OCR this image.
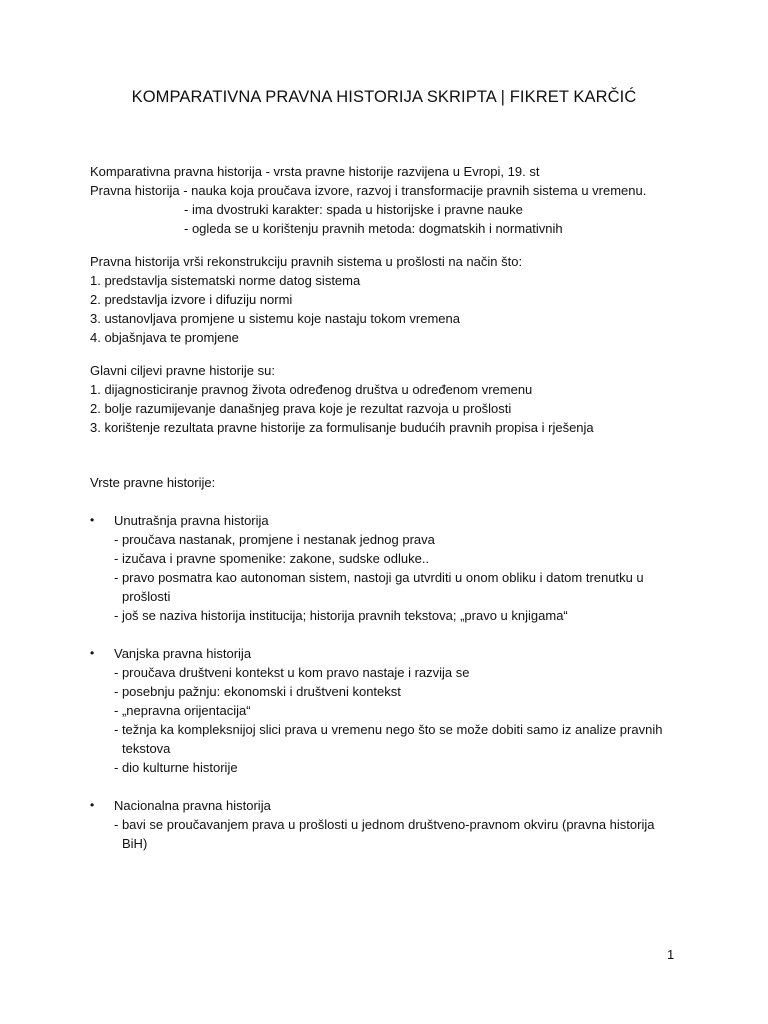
KOMPARATIVNA PRAVNA HISTORIJA SKRIPTA | FIKRET KARČIĆ

Komparativna pravna historija - vrsta pravne historije razvijena u Evropi, 19. st

Pravna historija - nauka koja proučava izvore, razvoj i transformacije pravnih sistema u vremenu.

- ima dvostruki karakter: spada u historijske i pravne nauke

- ogleda se u korištenju pravnih metoda: dogmatskih i normativnih

Pravna historija vrši rekonstrukciju pravnih sistema u prošlosti na način što:

1. predstavlja sistematski norme datog sistema

2. predstavlja izvore i difuziju normi

3. ustanovljava promjene u sistemu koje nastaju tokom vremena

4. objašnjava te promjene

Glavni ciljevi pravne historije su:

1. dijagnosticiranje pravnog života određenog društva u određenom vremenu

2. bolje razumijevanje današnjeg prava koje je rezultat razvoja u prošlosti

3. korištenje rezultata pravne historije za formulisanje budućih pravnih propisa i rješenja

Vrste pravne historije:

•	Unutrašnja pravna historija

- proučava nastanak, promjene i nestanak jednog prava

- izučava i pravne spomenike: zakone, sudske odluke..

- pravo posmatra kao autonoman sistem, nastoji ga utvrditi u onom obliku i datom trenutku u prošlosti

- još se naziva historija institucija; historija pravnih tekstova; „pravo u knjigama“

•	Vanjska pravna historija

- proučava društveni kontekst u kom pravo nastaje i razvija se

- posebnju pažnju: ekonomski i društveni kontekst

- „nepravna orijentacija“

- težnja ka kompleksnijoj slici prava u vremenu nego što se može dobiti samo iz analize pravnih tekstova

- dio kulturne historije

•	Nacionalna pravna historija

- bavi se proučavanjem prava u prošlosti u jednom društveno-pravnom okviru (pravna historija BiH)

1
